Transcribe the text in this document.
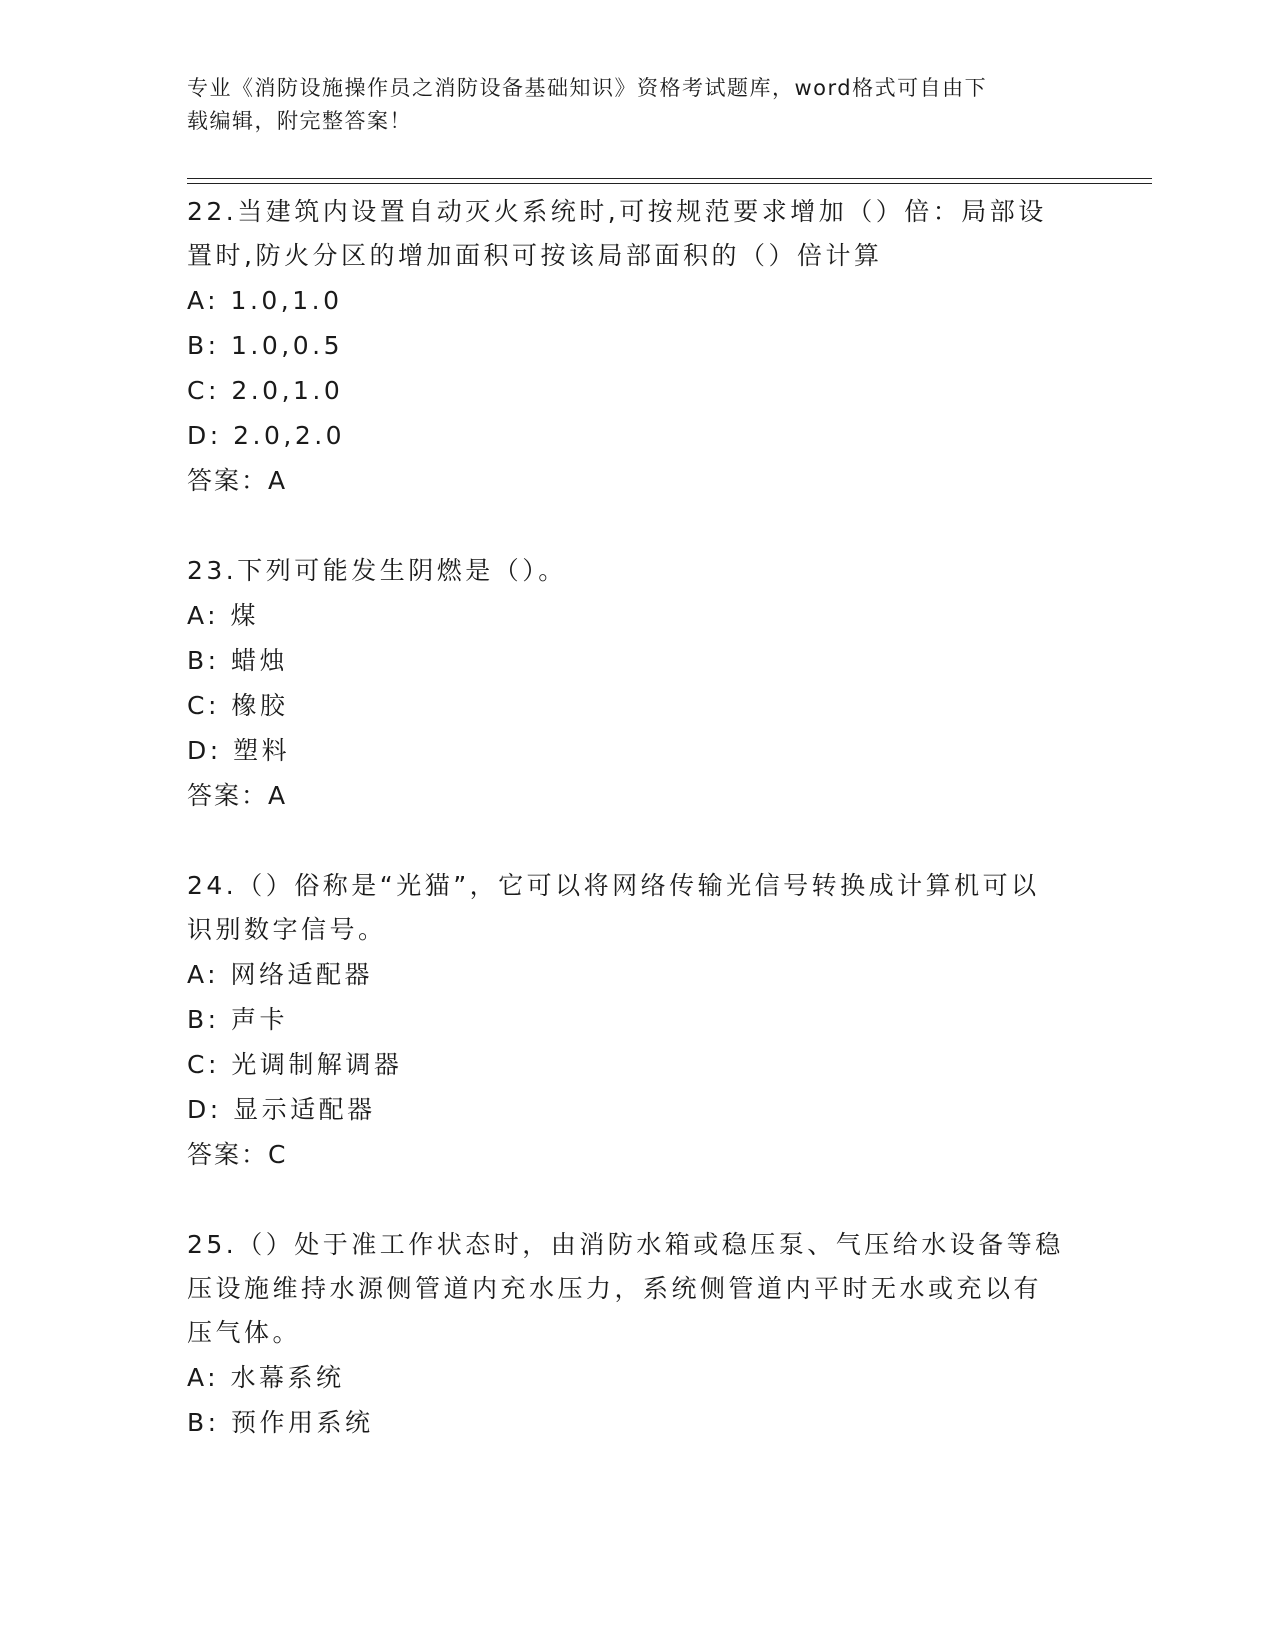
专业《消防设施操作员之消防设备基础知识》资格考试题库，word格式可自由下
载编辑，附完整答案！

22.当建筑内设置自动灭火系统时,可按规范要求增加（）倍：局部设

置时,防火分区的增加面积可按该局部面积的（）倍计算

A: 1.0,1.0

B: 1.0,0.5

C: 2.0,1.0

D: 2.0,2.0

答案：A

23.下列可能发生阴燃是（）。

A: 煤

B: 蜡烛

C: 橡胶

D: 塑料

答案：A

24.（）俗称是“光猫”，它可以将网络传输光信号转换成计算机可以

识别数字信号。

A: 网络适配器

B: 声卡

C: 光调制解调器

D: 显示适配器

答案：C

25.（）处于准工作状态时，由消防水箱或稳压泵、气压给水设备等稳

压设施维持水源侧管道内充水压力，系统侧管道内平时无水或充以有

压气体。

A: 水幕系统

B: 预作用系统
